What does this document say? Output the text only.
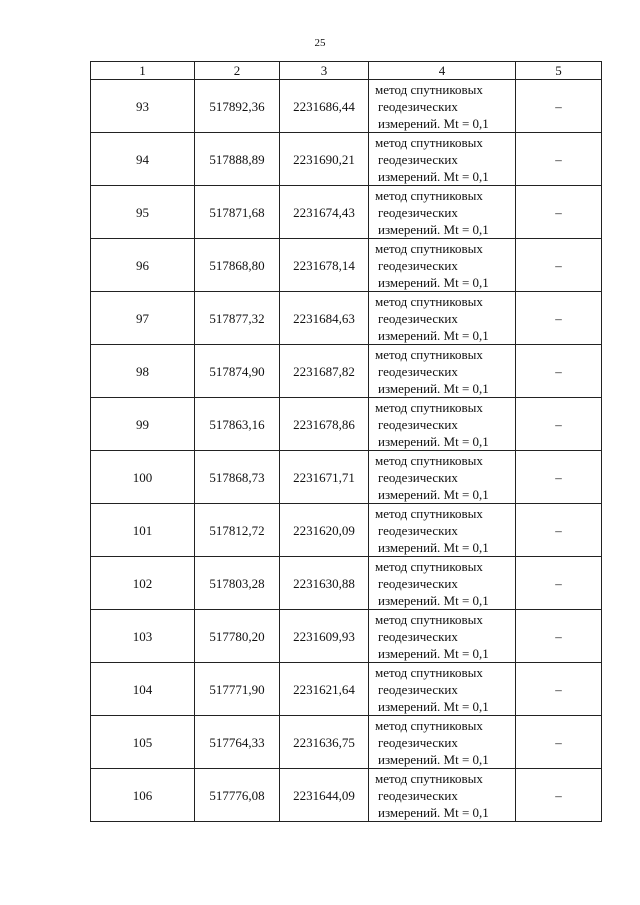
25
1	2	3	4	5
93	517892,36	2231686,44	метод спутниковых
геодезических
измерений. Mt = 0,1	–
94	517888,89	2231690,21	метод спутниковых
геодезических
измерений. Mt = 0,1	–
95	517871,68	2231674,43	метод спутниковых
геодезических
измерений. Mt = 0,1	–
96	517868,80	2231678,14	метод спутниковых
геодезических
измерений. Mt = 0,1	–
97	517877,32	2231684,63	метод спутниковых
геодезических
измерений. Mt = 0,1	–
98	517874,90	2231687,82	метод спутниковых
геодезических
измерений. Mt = 0,1	–
99	517863,16	2231678,86	метод спутниковых
геодезических
измерений. Mt = 0,1	–
100	517868,73	2231671,71	метод спутниковых
геодезических
измерений. Mt = 0,1	–
101	517812,72	2231620,09	метод спутниковых
геодезических
измерений. Mt = 0,1	–
102	517803,28	2231630,88	метод спутниковых
геодезических
измерений. Mt = 0,1	–
103	517780,20	2231609,93	метод спутниковых
геодезических
измерений. Mt = 0,1	–
104	517771,90	2231621,64	метод спутниковых
геодезических
измерений. Mt = 0,1	–
105	517764,33	2231636,75	метод спутниковых
геодезических
измерений. Mt = 0,1	–
106	517776,08	2231644,09	метод спутниковых
геодезических
измерений. Mt = 0,1	–
